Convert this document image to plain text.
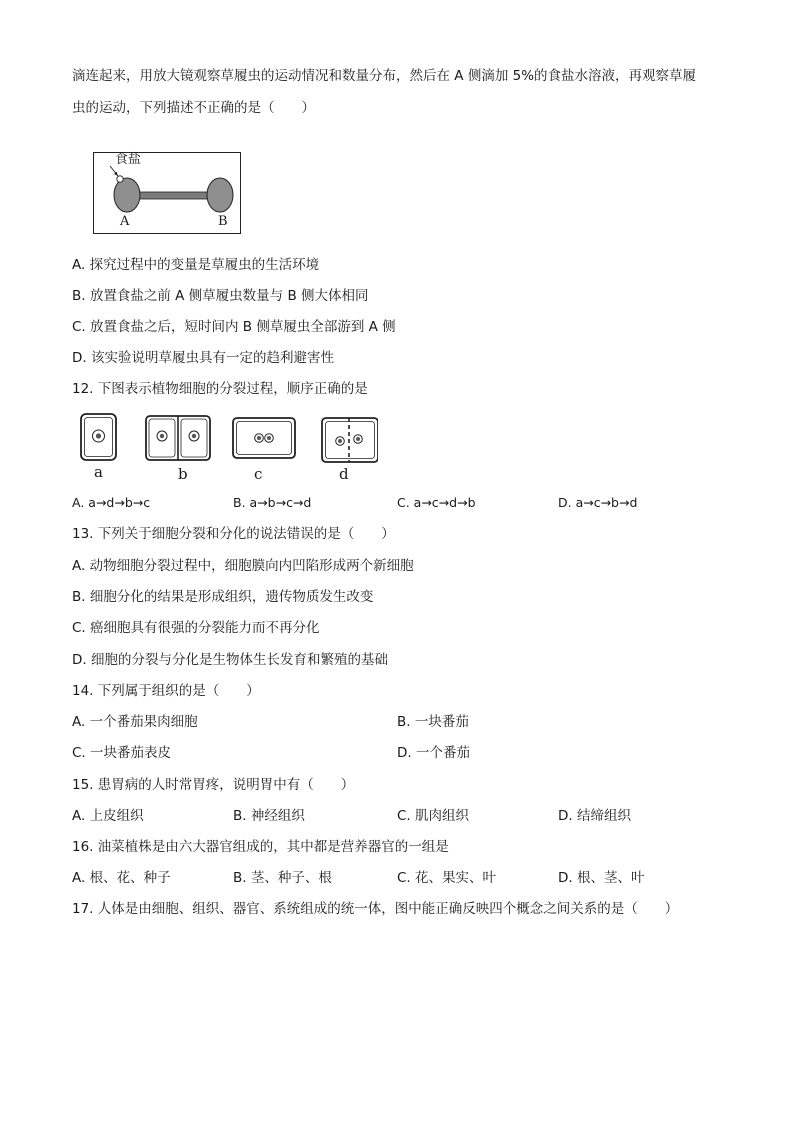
滴连起来，用放大镜观察草履虫的运动情况和数量分布，然后在 A 侧滴加 5%的食盐水溶液，再观察草履
虫的运动，下列描述不正确的是（　　）
食盐
A	B
A. 探究过程中的变量是草履虫的生活环境
B. 放置食盐之前 A 侧草履虫数量与 B 侧大体相同
C. 放置食盐之后，短时间内 B 侧草履虫全部游到 A 侧
D. 该实验说明草履虫具有一定的趋利避害性
12. 下图表示植物细胞的分裂过程，顺序正确的是
a	b	c	d
A. a→d→b→c	B. a→b→c→d	C. a→c→d→b	D. a→c→b→d
13. 下列关于细胞分裂和分化的说法错误的是（　　）
A. 动物细胞分裂过程中，细胞膜向内凹陷形成两个新细胞
B. 细胞分化的结果是形成组织，遗传物质发生改变
C. 癌细胞具有很强的分裂能力而不再分化
D. 细胞的分裂与分化是生物体生长发育和繁殖的基础
14. 下列属于组织的是（　　）
A. 一个番茄果肉细胞	B. 一块番茄
C. 一块番茄表皮	D. 一个番茄
15. 患胃病的人时常胃疼，说明胃中有（　　）
A. 上皮组织	B. 神经组织	C. 肌肉组织	D. 结缔组织
16. 油菜植株是由六大器官组成的，其中都是营养器官的一组是
A. 根、花、种子	B. 茎、种子、根	C. 花、果实、叶	D. 根、茎、叶
17. 人体是由细胞、组织、器官、系统组成的统一体，图中能正确反映四个概念之间关系的是（　　）
